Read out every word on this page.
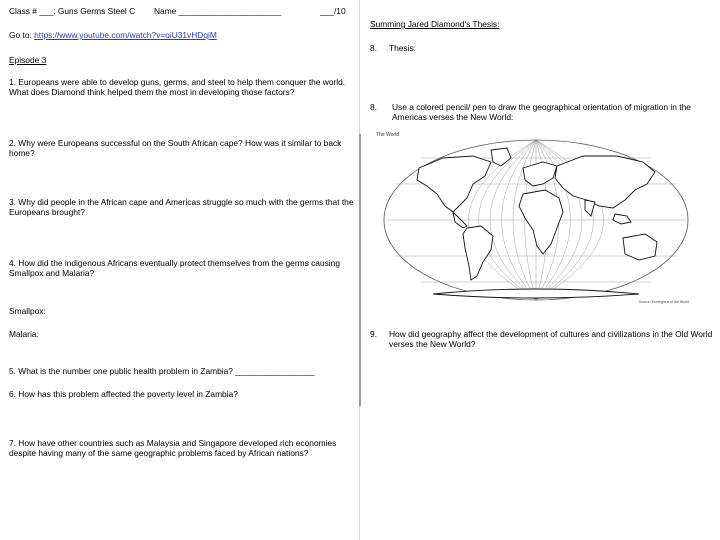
Class # ___: Guns Germs Steel C Name ______________________	___/10
Go to: https://www.youtube.com/watch?v=oiU31vHDqiM
Episode 3
1. Europeans were able to develop guns, germs, and steel to help them conquer the world. What does Diamond think helped them the most in developing those factors?
2. Why were Europeans successful on the South African cape? How was it similar to back home?
3. Why did people in the African cape and Americas struggle so much with the germs that the Europeans brought?
4. How did the indigenous Africans eventually protect themselves from the germs causing Smallpox and Malaria?
Smallpox:
Malaria:
5. What is the number one public health problem in Zambia? _________________
6. How has this problem affected the poverty level in Zambia?
7. How have other countries such as Malaysia and Singapore developed rich economies despite having many of the same geographic problems faced by African nations?
Summing Jared Diamond's Thesis:
8. Thesis:
8.	Use a colored pencil/ pen to draw the geographical orientation of migration in the Americas verses the New World:
The World
Source: Ecoregions of the World
9. How did geography affect the development of cultures and civilizations in the Old World verses the New World?
